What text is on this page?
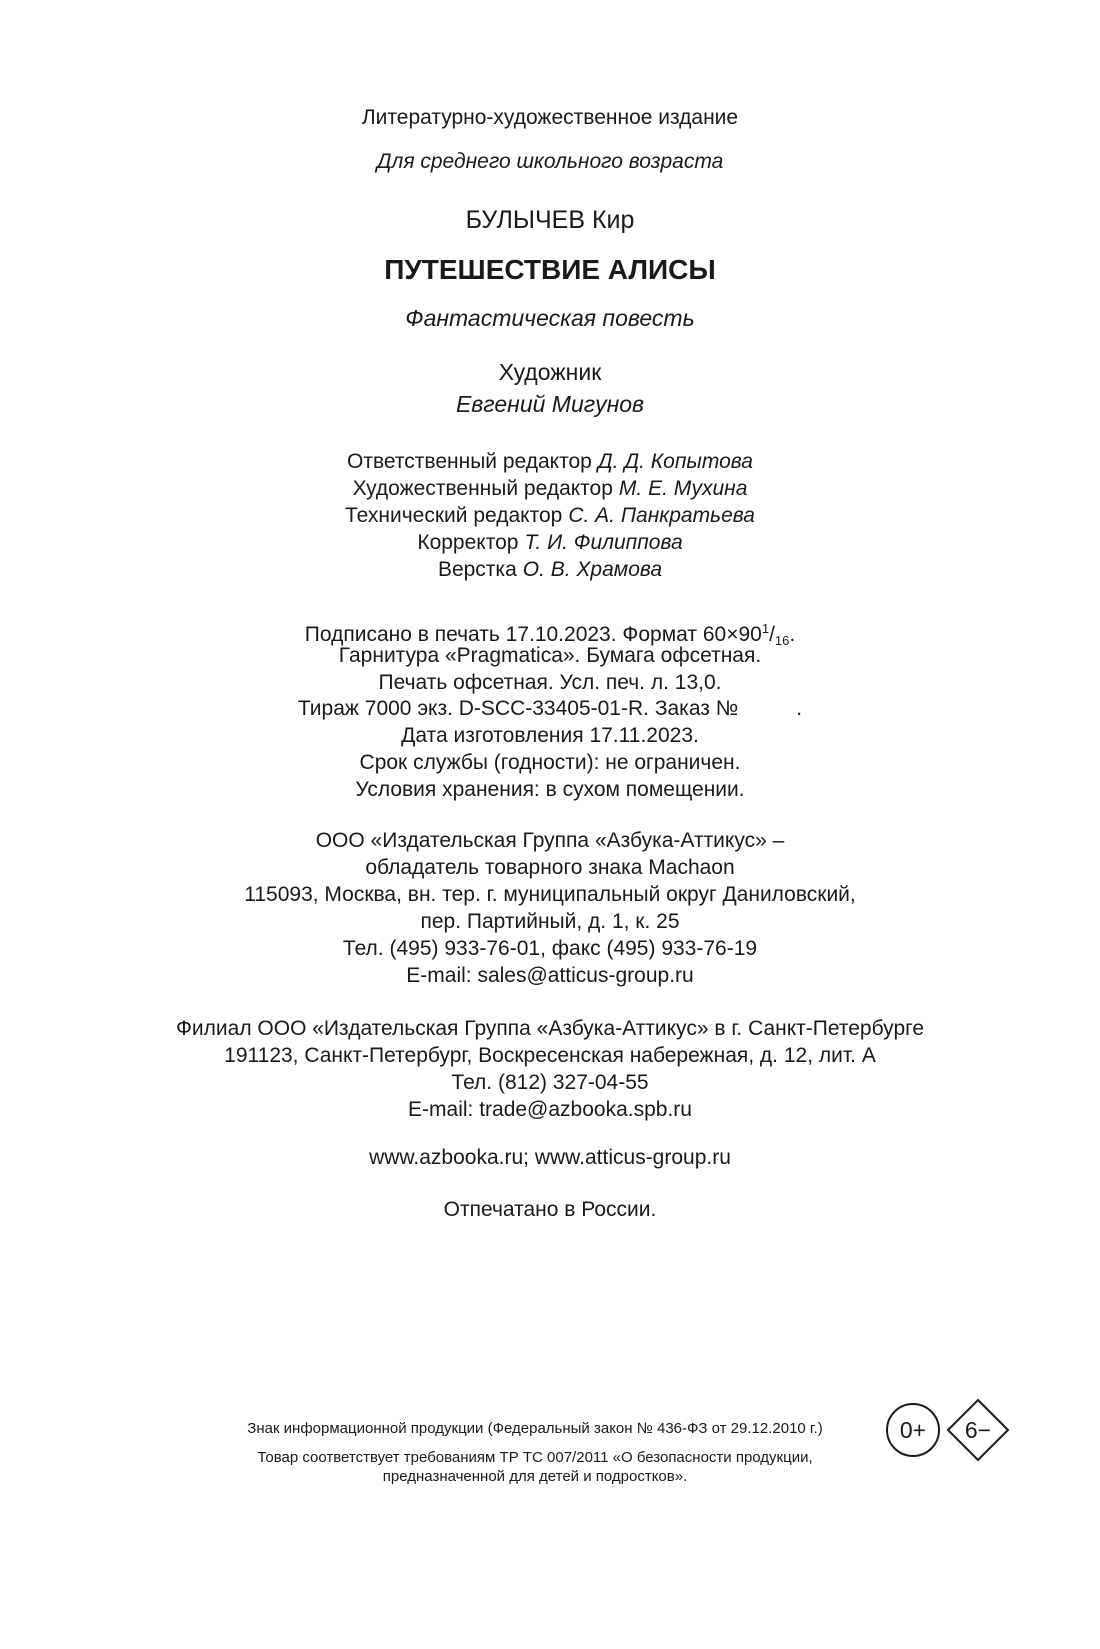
Литературно-художественное издание
Для среднего школьного возраста
БУЛЫЧЕВ Кир
ПУТЕШЕСТВИЕ АЛИСЫ
Фантастическая повесть
Художник
Евгений Мигунов
Ответственный редактор Д. Д. Копытова
Художественный редактор М. Е. Мухина
Технический редактор С. А. Панкратьева
Корректор Т. И. Филиппова
Верстка О. В. Храмова
Подписано в печать 17.10.2023. Формат $60\times 90^1/_{16}$.
Гарнитура «Pragmatica». Бумага офсетная.
Печать офсетная. Усл. печ. л. 13,0.
Тираж 7000 экз. D-SCC-33405-01-R. Заказ №	.
Дата изготовления 17.11.2023.
Срок службы (годности): не ограничен.
Условия хранения: в сухом помещении.
ООО «Издательская Группа «Азбука-Аттикус» –
обладатель товарного знака Machaon
115093, Москва, вн. тер. г. муниципальный округ Даниловский,
пер. Партийный, д. 1, к. 25
Тел. (495) 933-76-01, факс (495) 933-76-19
E-mail: sales@atticus-group.ru
Филиал ООО «Издательская Группа «Азбука-Аттикус» в г. Санкт-Петербурге
191123, Санкт-Петербург, Воскресенская набережная, д. 12, лит. А
Тел. (812) 327-04-55
E-mail: trade@azbooka.spb.ru
www.azbooka.ru; www.atticus-group.ru
Отпечатано в России.
Знак информационной продукции (Федеральный закон № 436-ФЗ от 29.12.2010 г.)
Товар соответствует требованиям ТР ТС 007/2011 «О безопасности продукции,
предназначенной для детей и подростков».
0+	6−
